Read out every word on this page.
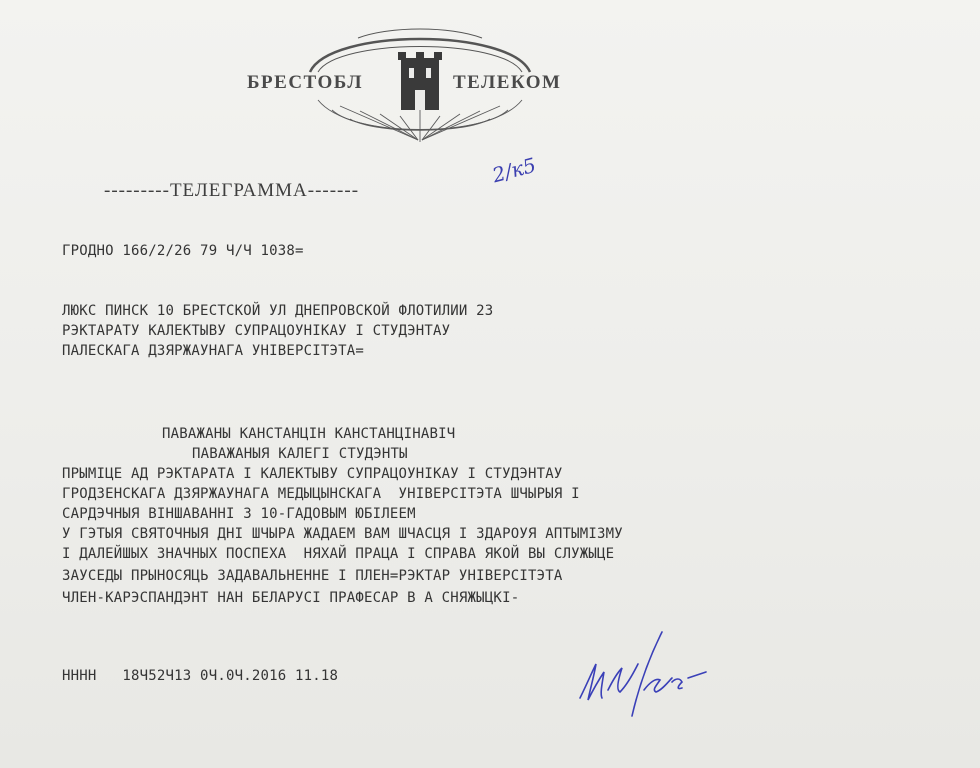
БРЕСТОБЛ	ТЕЛЕКОМ
---------ТЕЛЕГРАММА-------
2/к5
ГРОДНО 166/2/26 79 Ч/Ч 1038=
ЛЮКС ПИНСК 10 БРЕСТСКОЙ УЛ ДНЕПРОВСКОЙ ФЛОТИЛИИ 23
РЭКТАРАТУ КАЛЕКТЫВУ СУПРАЦОУНІКАУ І СТУДЭНТАУ
ПАЛЕСКАГА ДЗЯРЖАУНАГА УНІВЕРСІТЭТА=
ПАВАЖАНЫ КАНСТАНЦІН КАНСТАНЦІНАВІЧ
ПАВАЖАНЫЯ КАЛЕГІ СТУДЭНТЫ
ПРЫМІЦЕ АД РЭКТАРАТА І КАЛЕКТЫВУ СУПРАЦОУНІКАУ І СТУДЭНТАУ
ГРОДЗЕНСКАГА ДЗЯРЖАУНАГА МЕДЫЦЫНСКАГА  УНІВЕРСІТЭТА ШЧЫРЫЯ І
САРДЭЧНЫЯ ВІНШАВАННІ З 10-ГАДОВЫМ ЮБІЛЕЕМ
У ГЭТЫЯ СВЯТОЧНЫЯ ДНІ ШЧЫРА ЖАДАЕМ ВАМ ШЧАСЦЯ І ЗДАРОУЯ АПТЫМІЗМУ
І ДАЛЕЙШЫХ ЗНАЧНЫХ ПОСПЕХА  НЯХАЙ ПРАЦА І СПРАВА ЯКОЙ ВЫ СЛУЖЫЦЕ
ЗАУСЕДЫ ПРЫНОСЯЦЬ ЗАДАВАЛЬНЕННЕ І ПЛЕН=РЭКТАР УНІВЕРСІТЭТА
ЧЛЕН-КАРЭСПАНДЭНТ НАН БЕЛАРУСІ ПРАФЕСАР В А СНЯЖЫЦКІ-
НННН   18Ч52Ч13 0Ч.0Ч.2016 11.18
